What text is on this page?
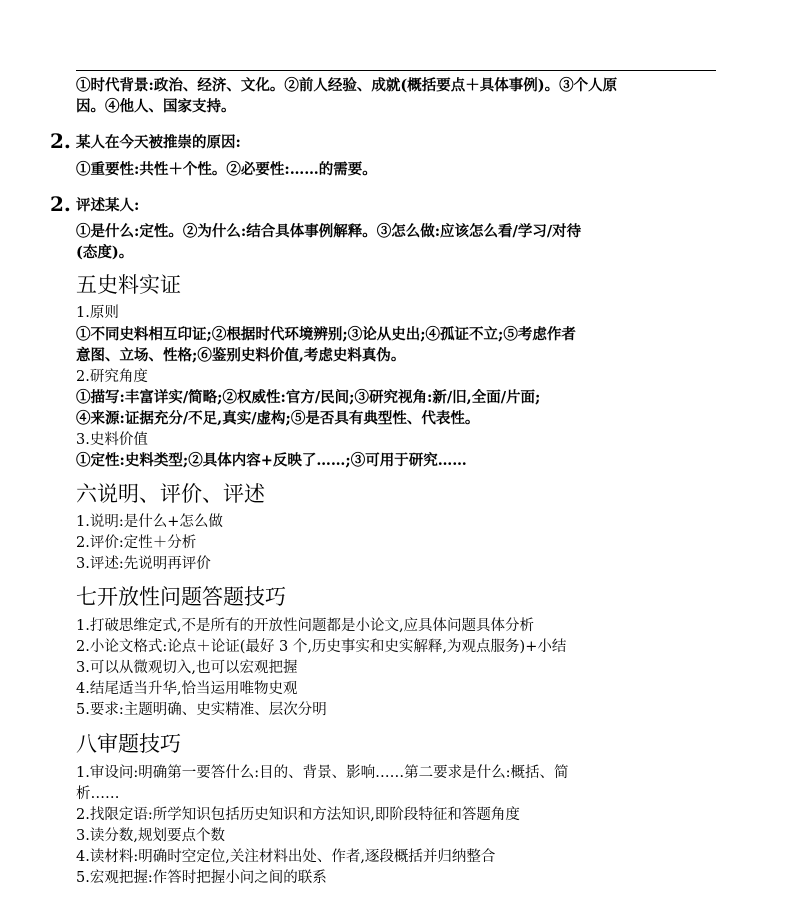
①时代背景:政治、经济、文化。②前人经验、成就(概括要点＋具体事例)。③个人原
因。④他人、国家支持。
2. 某人在今天被推崇的原因:
①重要性:共性＋个性。②必要性:……的需要。
2. 评述某人:
①是什么:定性。②为什么:结合具体事例解释。③怎么做:应该怎么看/学习/对待
(态度)。
五史料实证
1.原则
①不同史料相互印证;②根据时代环境辨别;③论从史出;④孤证不立;⑤考虑作者
意图、立场、性格;⑥鉴别史料价值,考虑史料真伪。
2.研究角度
①描写:丰富详实/简略;②权威性:官方/民间;③研究视角:新/旧,全面/片面;
④来源:证据充分/不足,真实/虚构;⑤是否具有典型性、代表性。
3.史料价值
①定性:史料类型;②具体内容+反映了……;③可用于研究……
六说明、评价、评述
1.说明:是什么+怎么做
2.评价:定性＋分析
3.评述:先说明再评价
七开放性问题答题技巧
1.打破思维定式,不是所有的开放性问题都是小论文,应具体问题具体分析
2.小论文格式:论点＋论证(最好 3 个,历史事实和史实解释,为观点服务)+小结
3.可以从微观切入,也可以宏观把握
4.结尾适当升华,恰当运用唯物史观
5.要求:主题明确、史实精准、层次分明
八审题技巧
1.审设问:明确第一要答什么:目的、背景、影响……第二要求是什么:概括、简
析……
2.找限定语:所学知识包括历史知识和方法知识,即阶段特征和答题角度
3.读分数,规划要点个数
4.读材料:明确时空定位,关注材料出处、作者,逐段概括并归纳整合
5.宏观把握:作答时把握小问之间的联系
